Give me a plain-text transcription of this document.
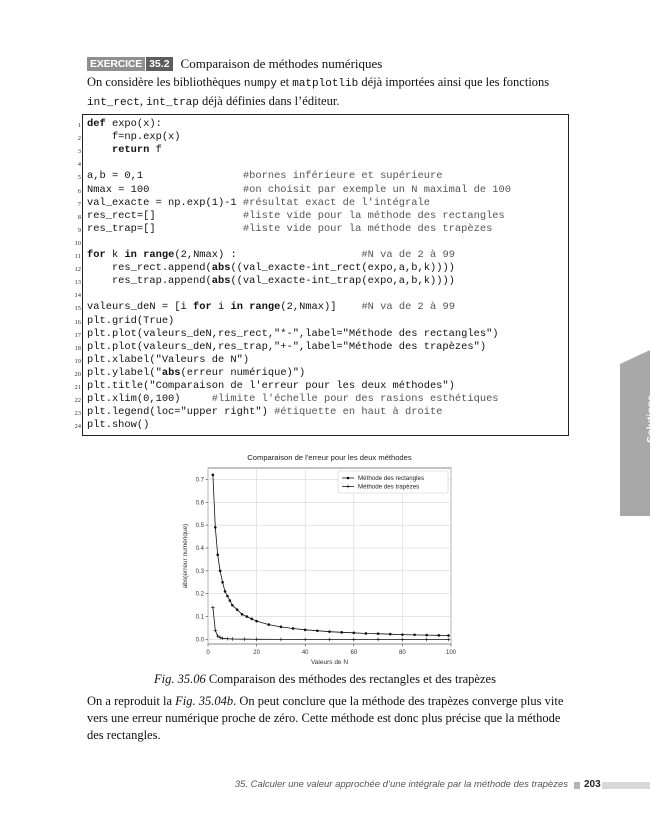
EXERCICE 35.2 Comparaison de méthodes numériques
On considère les bibliothèques numpy et matplotlib déjà importées ainsi que les fonctions int_rect, int_trap déjà définies dans l’éditeur.
1 def expo(x):
2 f=np.exp(x)
3	return f
4
5 a,b = 0,1                #bornes inférieure et supérieure
6 Nmax = 100               #on choisit par exemple un N maximal de 100
7 val_exacte = np.exp(1)-1 #résultat exact de l'intégrale
8 res_rect=[]              #liste vide pour la méthode des rectangles
9 res_trap=[]              #liste vide pour la méthode des trapèzes
10
11 for k in range(2,Nmax) :                    #N va de 2 à 99
12 res_rect.append(abs((val_exacte-int_rect(expo,a,b,k))))
13 res_trap.append(abs((val_exacte-int_trap(expo,a,b,k))))
14
15 valeurs_deN = [i for i in range(2,Nmax)]    #N va de 2 à 99
16 plt.grid(True)
17 plt.plot(valeurs_deN,res_rect,"*-",label="Méthode des rectangles")
18 plt.plot(valeurs_deN,res_trap,"+-",label="Méthode des trapèzes")
19 plt.xlabel("Valeurs de N")
20 plt.ylabel("abs(erreur numérique)")
21 plt.title("Comparaison de l'erreur pour les deux méthodes")
22 plt.xlim(0,100)     #limite l'échelle pour des rasions esthétiques
23 plt.legend(loc="upper right") #étiquette en haut à droite
24 plt.show()
0	20	40	60	80	100
0.0
0.1
0.2
0.3
0.4
0.5
0.6
0.7
Comparaison de l'erreur pour les deux méthodes
Valeurs de N
abs(erreur numérique)
Méthode des rectangles
Méthode des trapèzes
Fig. 35.06 Comparaison des méthodes des rectangles et des trapèzes
On a reproduit la Fig. 35.04b. On peut conclure que la méthode des trapèzes converge plus vite vers une erreur numérique proche de zéro. Cette méthode est donc plus précise que la méthode des rectangles.
Solutions
35. Calculer une valeur approchée d’une intégrale par la méthode des trapèzes 203
